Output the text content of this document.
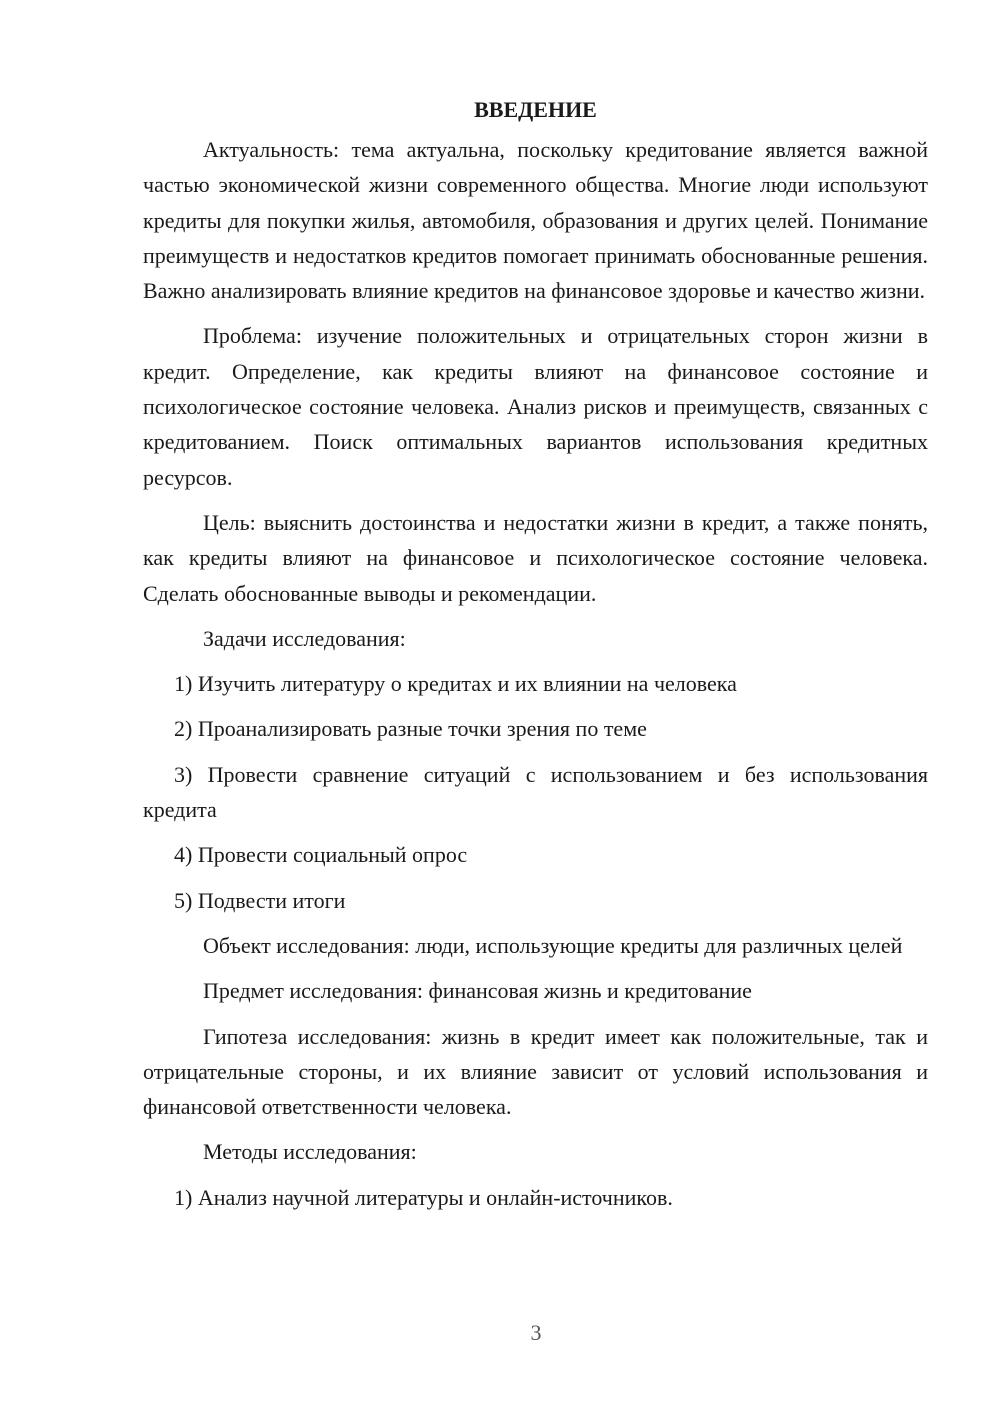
ВВЕДЕНИЕ

Актуальность: тема актуальна, поскольку кредитование является важной частью экономической жизни современного общества. Многие люди используют кредиты для покупки жилья, автомобиля, образования и других целей. Понимание преимуществ и недостатков кредитов помогает принимать обоснованные решения. Важно анализировать влияние кредитов на финансовое здоровье и качество жизни.

Проблема: изучение положительных и отрицательных сторон жизни в кредит. Определение, как кредиты влияют на финансовое состояние и психологическое состояние человека. Анализ рисков и преимуществ, связанных с кредитованием. Поиск оптимальных вариантов использования кредитных ресурсов.

Цель: выяснить достоинства и недостатки жизни в кредит, а также понять, как кредиты влияют на финансовое и психологическое состояние человека. Сделать обоснованные выводы и рекомендации.

Задачи исследования:

1) Изучить литературу о кредитах и их влиянии на человека

2) Проанализировать разные точки зрения по теме

3) Провести сравнение ситуаций с использованием и без использования кредита

4) Провести социальный опрос

5) Подвести итоги

Объект исследования: люди, использующие кредиты для различных целей

Предмет исследования: финансовая жизнь и кредитование

Гипотеза исследования: жизнь в кредит имеет как положительные, так и отрицательные стороны, и их влияние зависит от условий использования и финансовой ответственности человека.

Методы исследования:

1) Анализ научной литературы и онлайн-источников.

3
